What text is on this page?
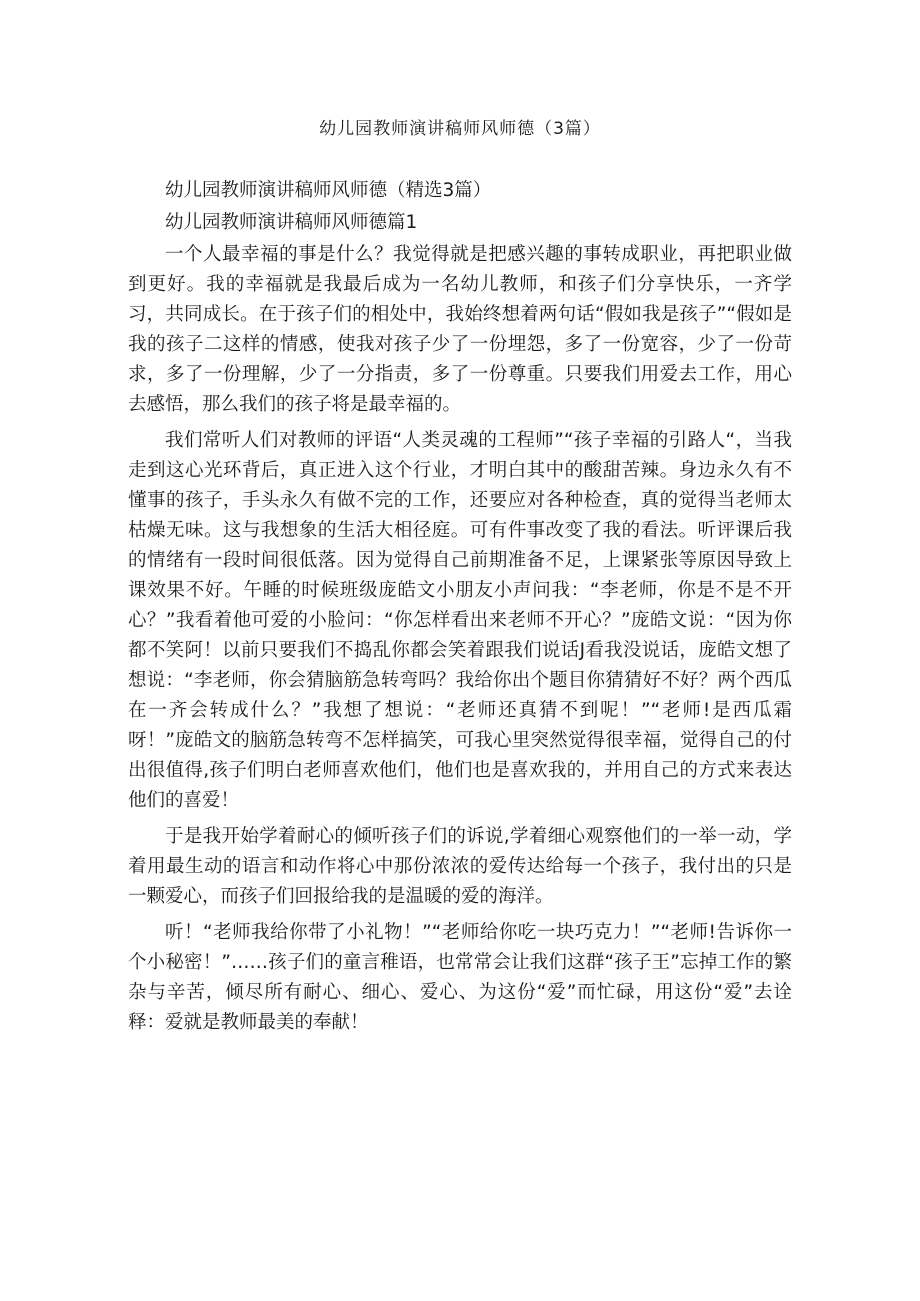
幼儿园教师演讲稿师风师德（3篇）

幼儿园教师演讲稿师风师德（精选3篇）

幼儿园教师演讲稿师风师德篇1

一个人最幸福的事是什么？我觉得就是把感兴趣的事转成职业，再把职业做到更好。我的幸福就是我最后成为一名幼儿教师，和孩子们分享快乐，一齐学习，共同成长。在于孩子们的相处中，我始终想着两句话“假如我是孩子”“假如是我的孩子二这样的情感，使我对孩子少了一份埋怨，多了一份宽容，少了一份苛求，多了一份理解，少了一分指责，多了一份尊重。只要我们用爱去工作，用心去感悟，那么我们的孩子将是最幸福的。

我们常听人们对教师的评语“人类灵魂的工程师”“孩子幸福的引路人“，当我走到这心光环背后，真正进入这个行业，才明白其中的酸甜苦辣。身边永久有不懂事的孩子，手头永久有做不完的工作，还要应对各种检查，真的觉得当老师太枯燥无味。这与我想象的生活大相径庭。可有件事改变了我的看法。听评课后我的情绪有一段时间很低落。因为觉得自己前期准备不足，上课紧张等原因导致上课效果不好。午睡的时候班级庞皓文小朋友小声问我：“李老师，你是不是不开心？”我看着他可爱的小脸问：“你怎样看出来老师不开心？”庞皓文说：“因为你都不笑阿！以前只要我们不捣乱你都会笑着跟我们说话J看我没说话，庞皓文想了想说：“李老师，你会猜脑筋急转弯吗？我给你出个题目你猜猜好不好？两个西瓜在一齐会转成什么？”我想了想说：“老师还真猜不到呢！”“老师!是西瓜霜呀！”庞皓文的脑筋急转弯不怎样搞笑，可我心里突然觉得很幸福，觉得自己的付出很值得,孩子们明白老师喜欢他们，他们也是喜欢我的，并用自己的方式来表达他们的喜爱！

于是我开始学着耐心的倾听孩子们的诉说,学着细心观察他们的一举一动，学着用最生动的语言和动作将心中那份浓浓的爱传达给每一个孩子，我付出的只是一颗爱心，而孩子们回报给我的是温暖的爱的海洋。

听！“老师我给你带了小礼物！”“老师给你吃一块巧克力！”“老师!告诉你一个小秘密！”……孩子们的童言稚语，也常常会让我们这群“孩子王”忘掉工作的繁杂与辛苦，倾尽所有耐心、细心、爱心、为这份“爱”而忙碌，用这份“爱”去诠释：爱就是教师最美的奉献！
